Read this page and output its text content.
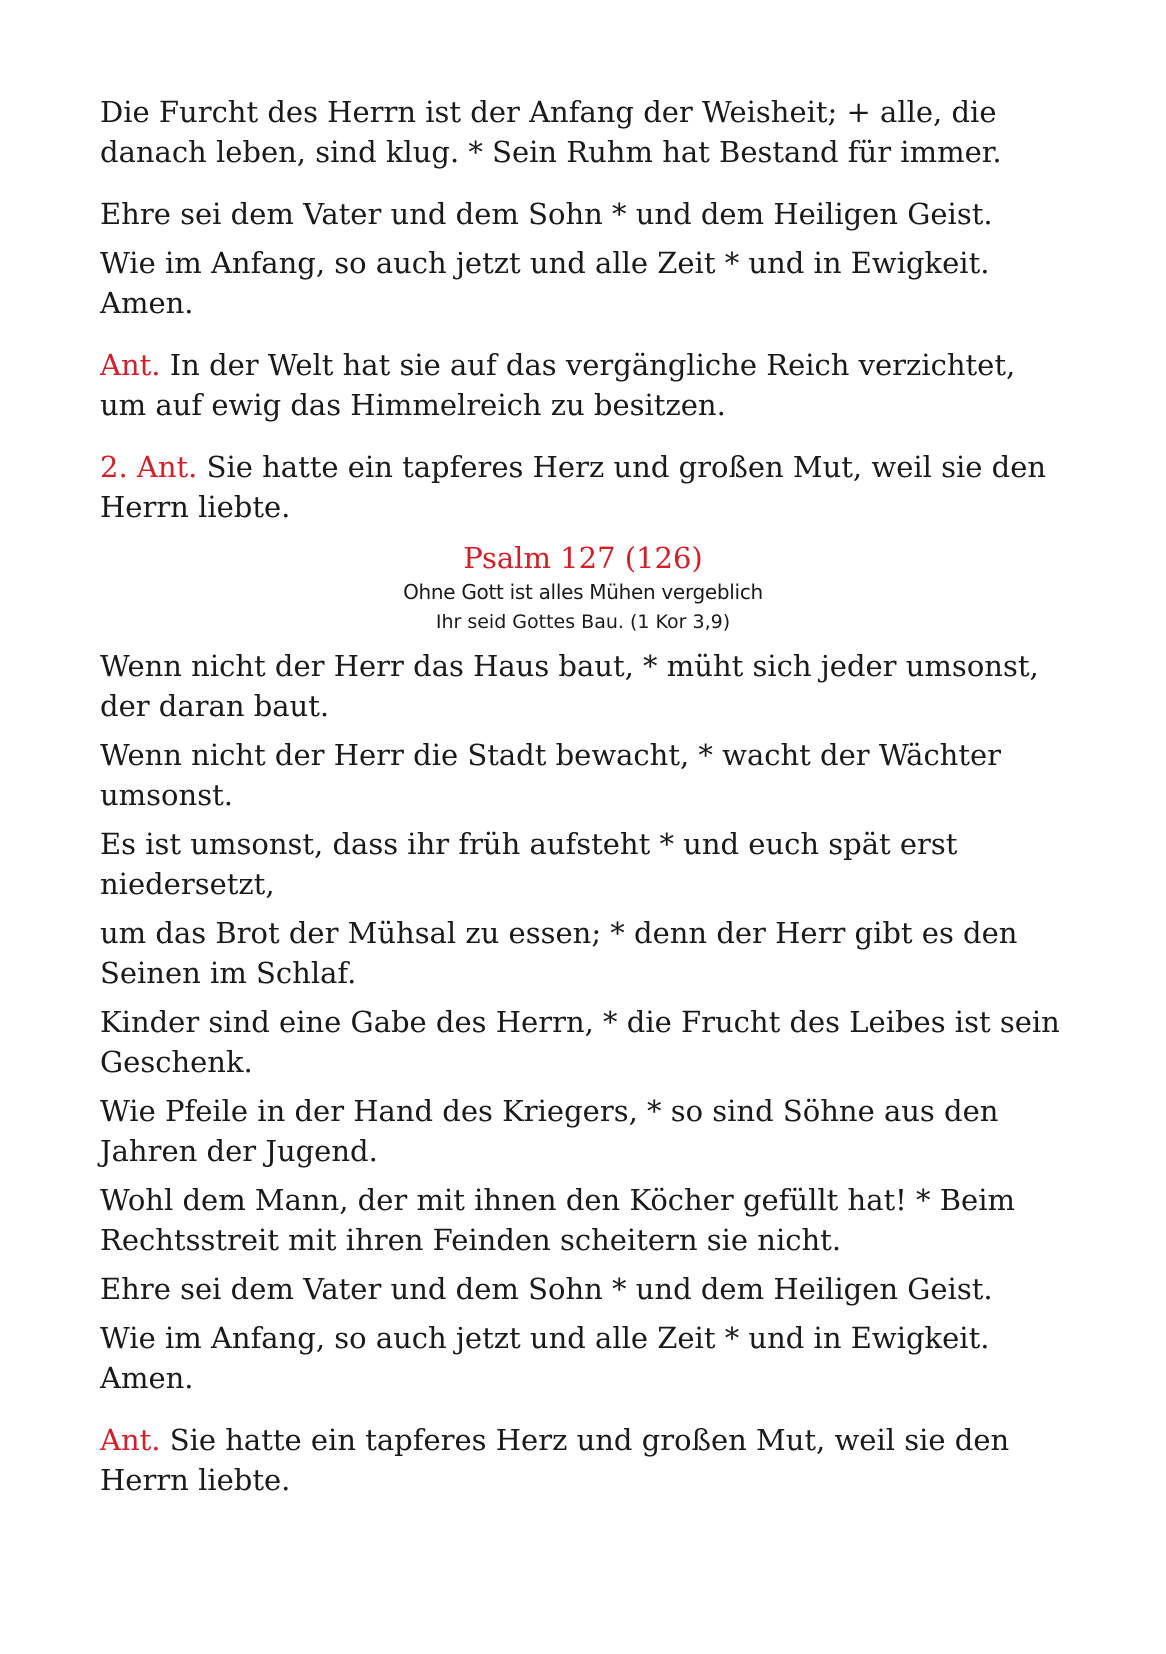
Die Furcht des Herrn ist der Anfang der Weisheit; + alle, die danach leben, sind klug. * Sein Ruhm hat Bestand für immer.

Ehre sei dem Vater und dem Sohn * und dem Heiligen Geist.

Wie im Anfang, so auch jetzt und alle Zeit * und in Ewigkeit. Amen.

Ant. In der Welt hat sie auf das vergängliche Reich verzichtet, um auf ewig das Himmelreich zu besitzen.

2. Ant. Sie hatte ein tapferes Herz und großen Mut, weil sie den Herrn liebte.

Psalm 127 (126)
Ohne Gott ist alles Mühen vergeblich
Ihr seid Gottes Bau. (1 Kor 3,9)

Wenn nicht der Herr das Haus baut, * müht sich jeder umsonst, der daran baut.

Wenn nicht der Herr die Stadt bewacht, * wacht der Wächter umsonst.

Es ist umsonst, dass ihr früh aufsteht * und euch spät erst niedersetzt,

um das Brot der Mühsal zu essen; * denn der Herr gibt es den Seinen im Schlaf.

Kinder sind eine Gabe des Herrn, * die Frucht des Leibes ist sein Geschenk.

Wie Pfeile in der Hand des Kriegers, * so sind Söhne aus den Jahren der Jugend.

Wohl dem Mann, der mit ihnen den Köcher gefüllt hat! * Beim Rechtsstreit mit ihren Feinden scheitern sie nicht.

Ehre sei dem Vater und dem Sohn * und dem Heiligen Geist.

Wie im Anfang, so auch jetzt und alle Zeit * und in Ewigkeit. Amen.

Ant. Sie hatte ein tapferes Herz und großen Mut, weil sie den Herrn liebte.
